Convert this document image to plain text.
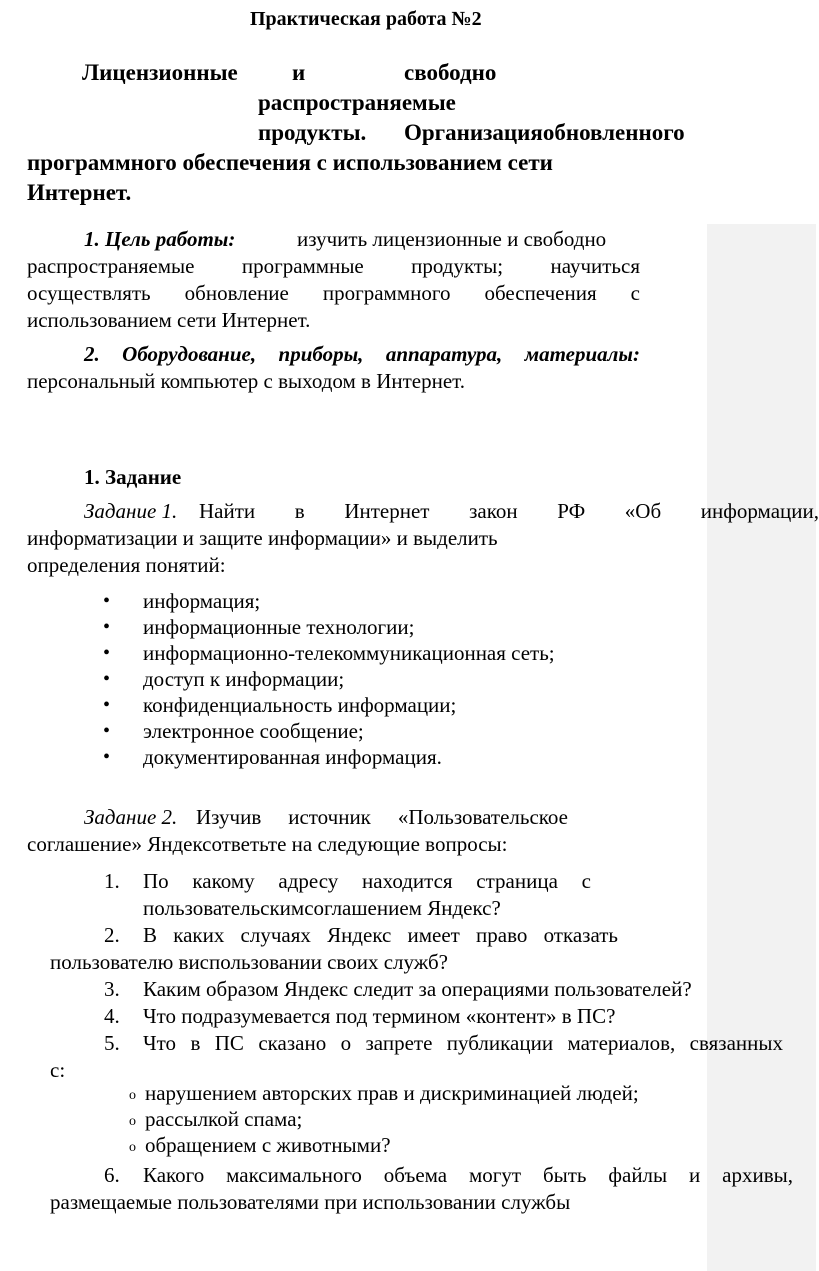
Практическая работа №2
Лицензионные и	свободно
распространяемые
продукты. Организацияобновленного
программного обеспечения с использованием сети
Интернет.
1. Цель работы:	изучить лицензионные и свободно
распространяемые программные продукты; научиться
осуществлять обновление программного обеспечения с
использованием сети Интернет.
2. Оборудование, приборы, аппаратура, материалы:
персональный компьютер с выходом в Интернет.
1. Задание
Задание 1. Найти в Интернет закон РФ «Об информации,
информатизации и защите информации» и выделить
определения понятий:
• информация;
• информационные технологии;
• информационно-телекоммуникационная сеть;
• доступ к информации;
• конфиденциальность информации;
• электронное сообщение;
• документированная информация.
Задание 2. Изучив источник «Пользовательское
соглашение» Яндексответьте на следующие вопросы:
1. По какому адресу находится страница с
пользовательскимсоглашением Яндекс?
2. В каких случаях Яндекс имеет право отказать
пользователю виспользовании своих служб?
3. Каким образом Яндекс следит за операциями пользователей?
4. Что подразумевается под термином «контент» в ПС?
5. Что в ПС сказано о запрете публикации материалов, связанных
с:
o нарушением авторских прав и дискриминацией людей;
o рассылкой спама;
o обращением с животными?
6. Какого максимального объема могут быть файлы и архивы,
размещаемые пользователями при использовании службы
